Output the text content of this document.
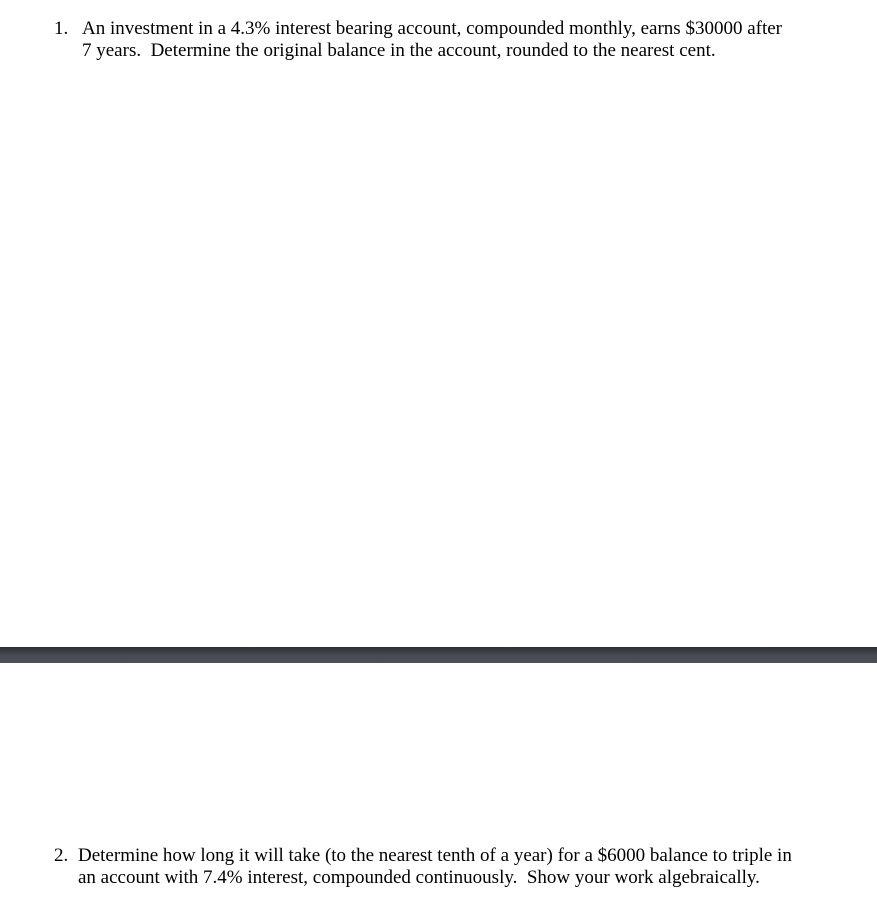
1. An investment in a 4.3% interest bearing account, compounded monthly, earns $30000 after
7 years.  Determine the original balance in the account, rounded to the nearest cent.
2. Determine how long it will take (to the nearest tenth of a year) for a $6000 balance to triple in
an account with 7.4% interest, compounded continuously.  Show your work algebraically.
